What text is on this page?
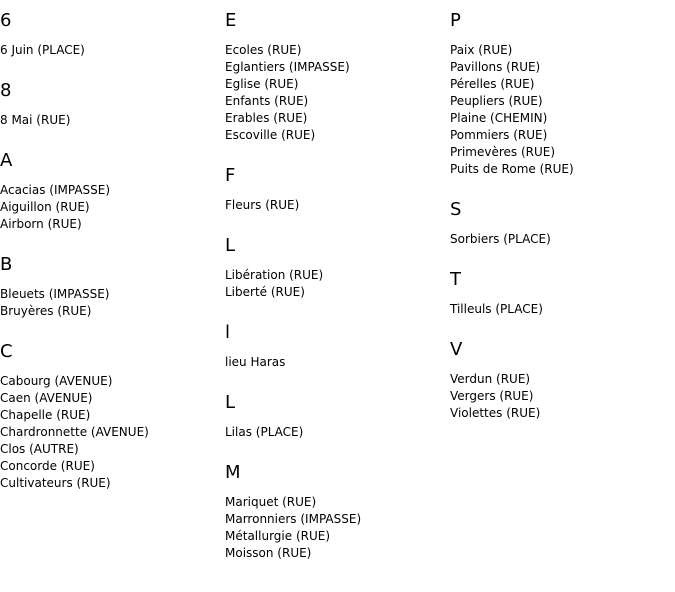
6
6 Juin (PLACE)
8
8 Mai (RUE)
A
Acacias (IMPASSE)
Aiguillon (RUE)
Airborn (RUE)
B
Bleuets (IMPASSE)
Bruyères (RUE)
C
Cabourg (AVENUE)
Caen (AVENUE)
Chapelle (RUE)
Chardronnette (AVENUE)
Clos (AUTRE)
Concorde (RUE)
Cultivateurs (RUE)
E
Ecoles (RUE)
Eglantiers (IMPASSE)
Eglise (RUE)
Enfants (RUE)
Erables (RUE)
Escoville (RUE)
F
Fleurs (RUE)
L
Libération (RUE)
Liberté (RUE)
l
lieu Haras
L
Lilas (PLACE)
M
Mariquet (RUE)
Marronniers (IMPASSE)
Métallurgie (RUE)
Moisson (RUE)
P
Paix (RUE)
Pavillons (RUE)
Pérelles (RUE)
Peupliers (RUE)
Plaine (CHEMIN)
Pommiers (RUE)
Primevères (RUE)
Puits de Rome (RUE)
S
Sorbiers (PLACE)
T
Tilleuls (PLACE)
V
Verdun (RUE)
Vergers (RUE)
Violettes (RUE)
